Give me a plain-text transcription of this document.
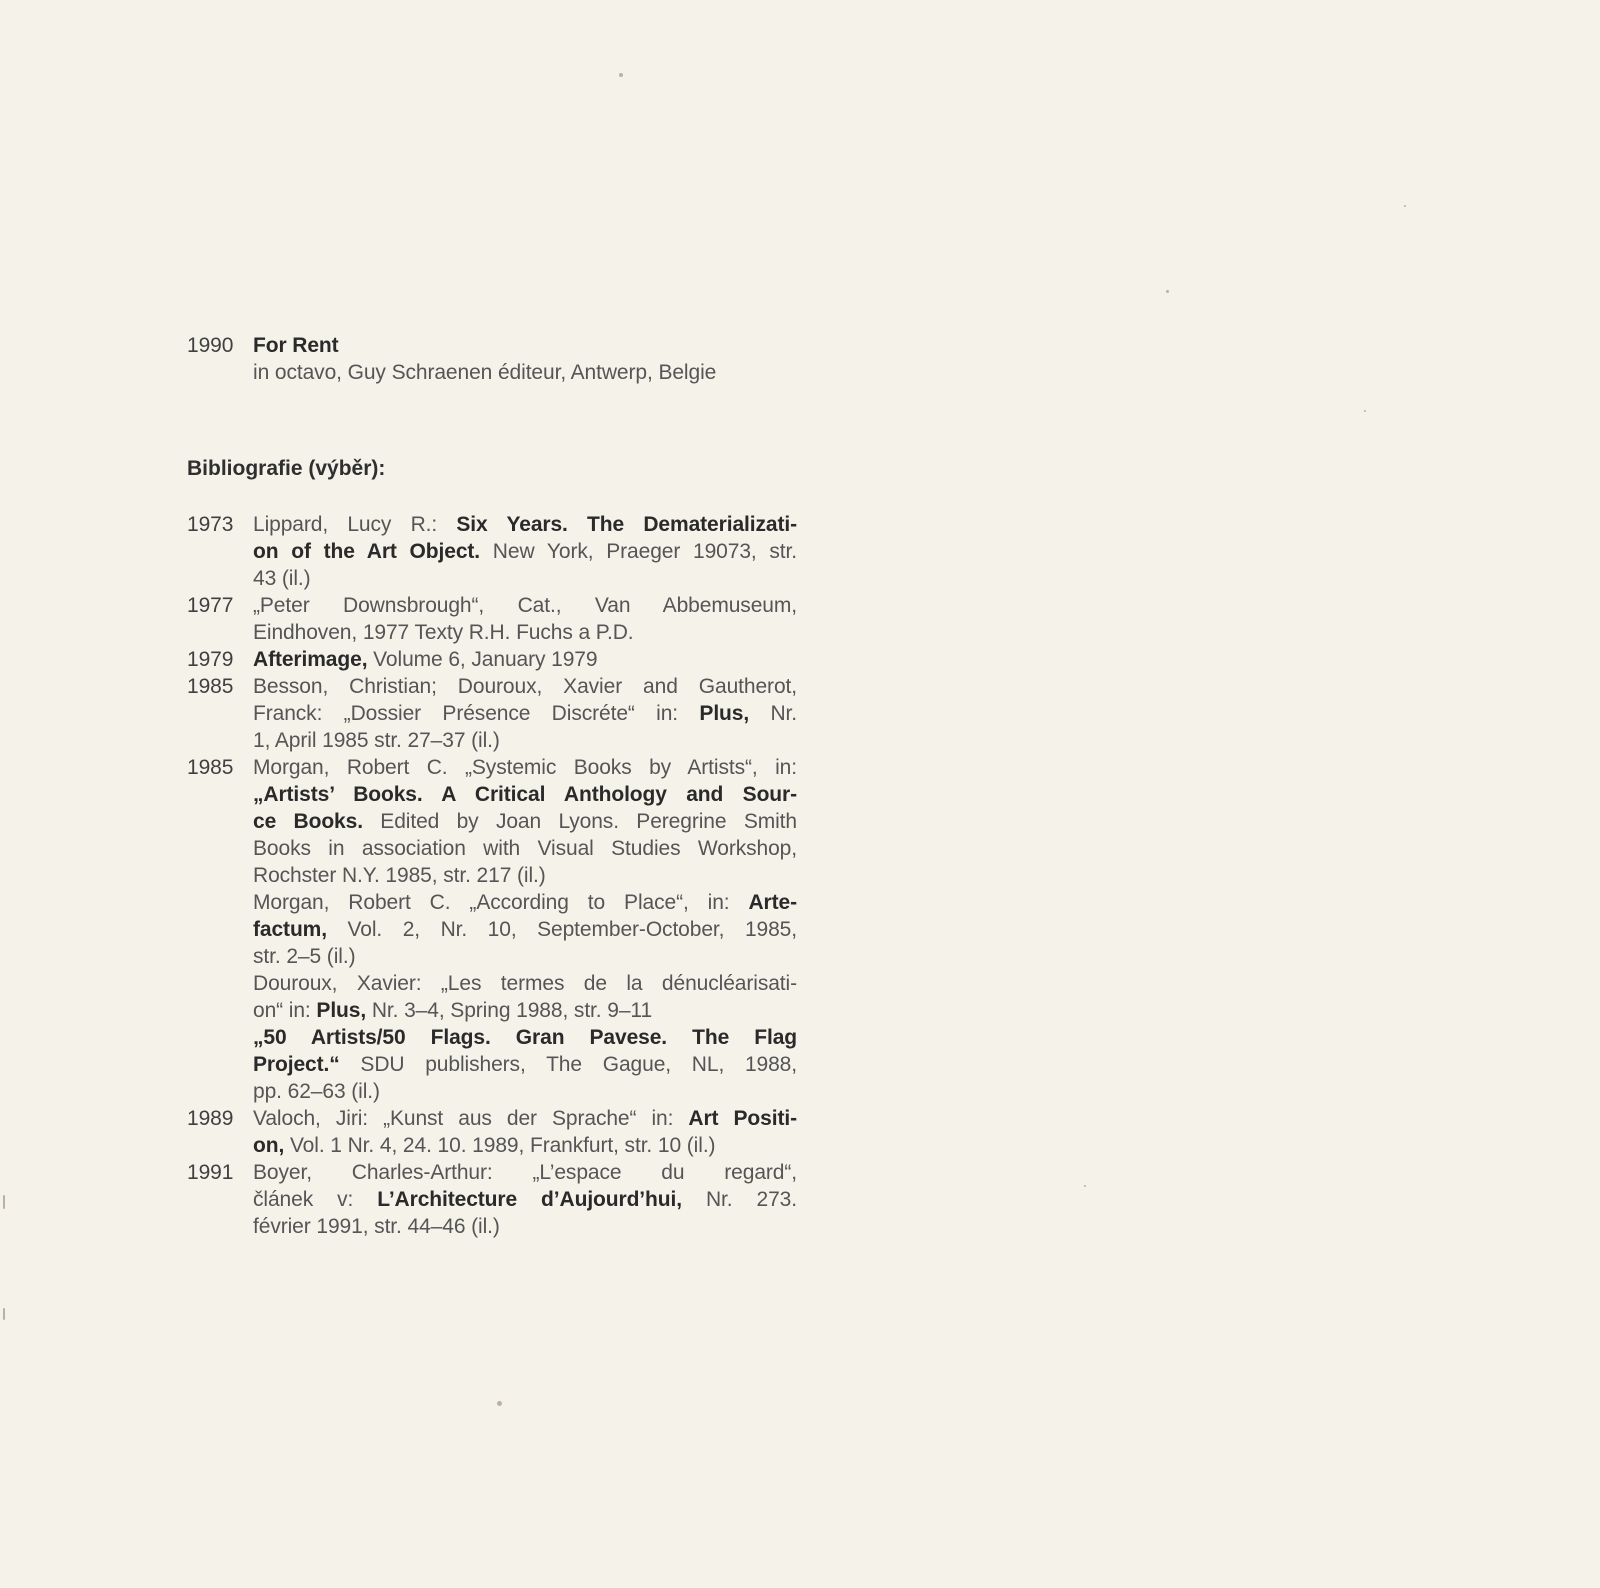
1990 For Rent
in octavo, Guy Schraenen éditeur, Antwerp, Belgie
Bibliografie (výběr):
1973 Lippard, Lucy R.: Six Years. The Dematerializati-
on of the Art Object. New York, Praeger 19073, str.
43 (il.)
1977 „Peter Downsbrough“, Cat., Van Abbemuseum,
Eindhoven, 1977 Texty R.H. Fuchs a P.D.
1979 Afterimage, Volume 6, January 1979
1985 Besson, Christian; Douroux, Xavier and Gautherot,
Franck: „Dossier Présence Discréte“ in: Plus, Nr.
1, April 1985 str. 27–37 (il.)
1985 Morgan, Robert C. „Systemic Books by Artists“, in:
„Artists’ Books. A Critical Anthology and Sour-
ce Books. Edited by Joan Lyons. Peregrine Smith
Books in association with Visual Studies Workshop,
Rochster N.Y. 1985, str. 217 (il.)
Morgan, Robert C. „According to Place“, in: Arte-
factum, Vol. 2, Nr. 10, September-October, 1985,
str. 2–5 (il.)
Douroux, Xavier: „Les termes de la dénucléarisati-
on“ in: Plus, Nr. 3–4, Spring 1988, str. 9–11
„50 Artists/50 Flags. Gran Pavese. The Flag
Project.“ SDU publishers, The Gague, NL, 1988,
pp. 62–63 (il.)
1989 Valoch, Jiri: „Kunst aus der Sprache“ in: Art Positi-
on, Vol. 1 Nr. 4, 24. 10. 1989, Frankfurt, str. 10 (il.)
1991 Boyer, Charles-Arthur: „L’espace du regard“,
článek v: L’Architecture d’Aujourd’hui, Nr. 273.
février 1991, str. 44–46 (il.)
